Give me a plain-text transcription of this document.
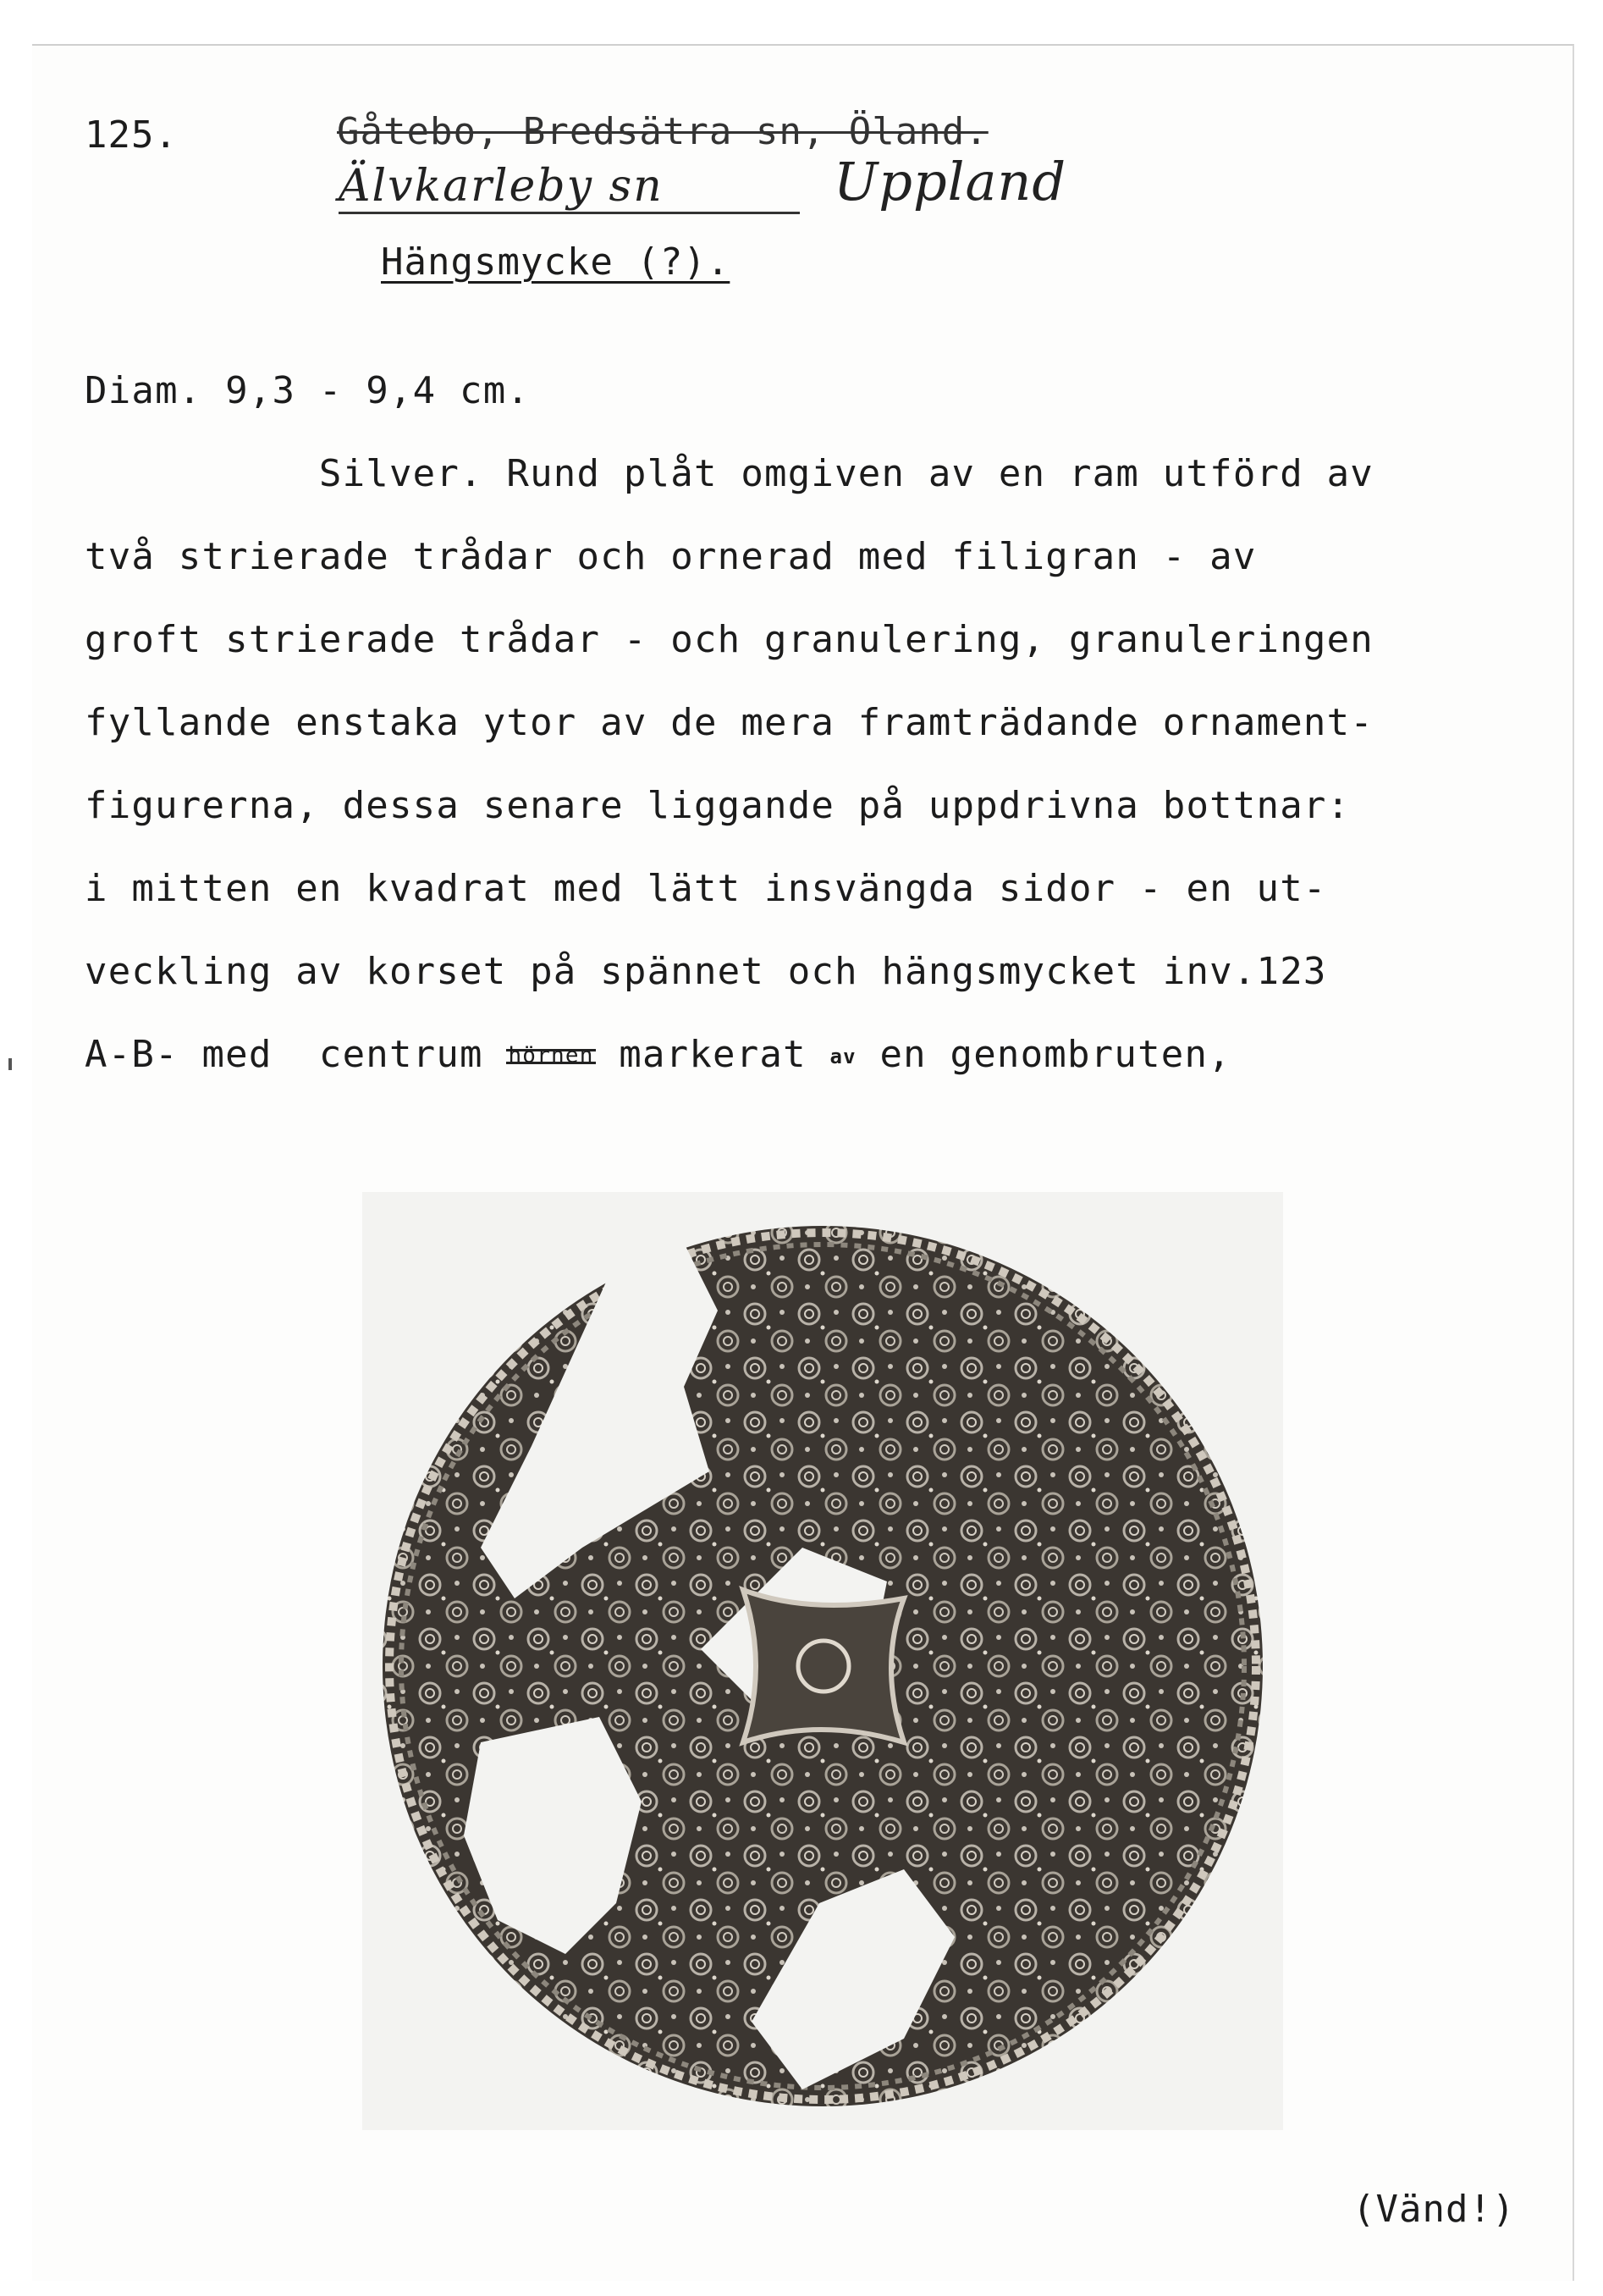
125.	Gåtebo, Bredsätra sn, Öland.
Älvkarleby sn	Uppland
Hängsmycke (?).
Diam. 9,3 - 9,4 cm.
Silver. Rund plåt omgiven av en ram utförd av
två strierade trådar och ornerad med filigran - av
groft strierade trådar - och granulering, granuleringen
fyllande enstaka ytor av de mera framträdande ornament-
figurerna, dessa senare liggande på uppdrivna bottnar:
i mitten en kvadrat med lätt insvängda sidor - en ut-
veckling av korset på spännet och hängsmycket inv.123
A-B- med  centrum hörnen markerat av en genombruten,
(Vänd!)
